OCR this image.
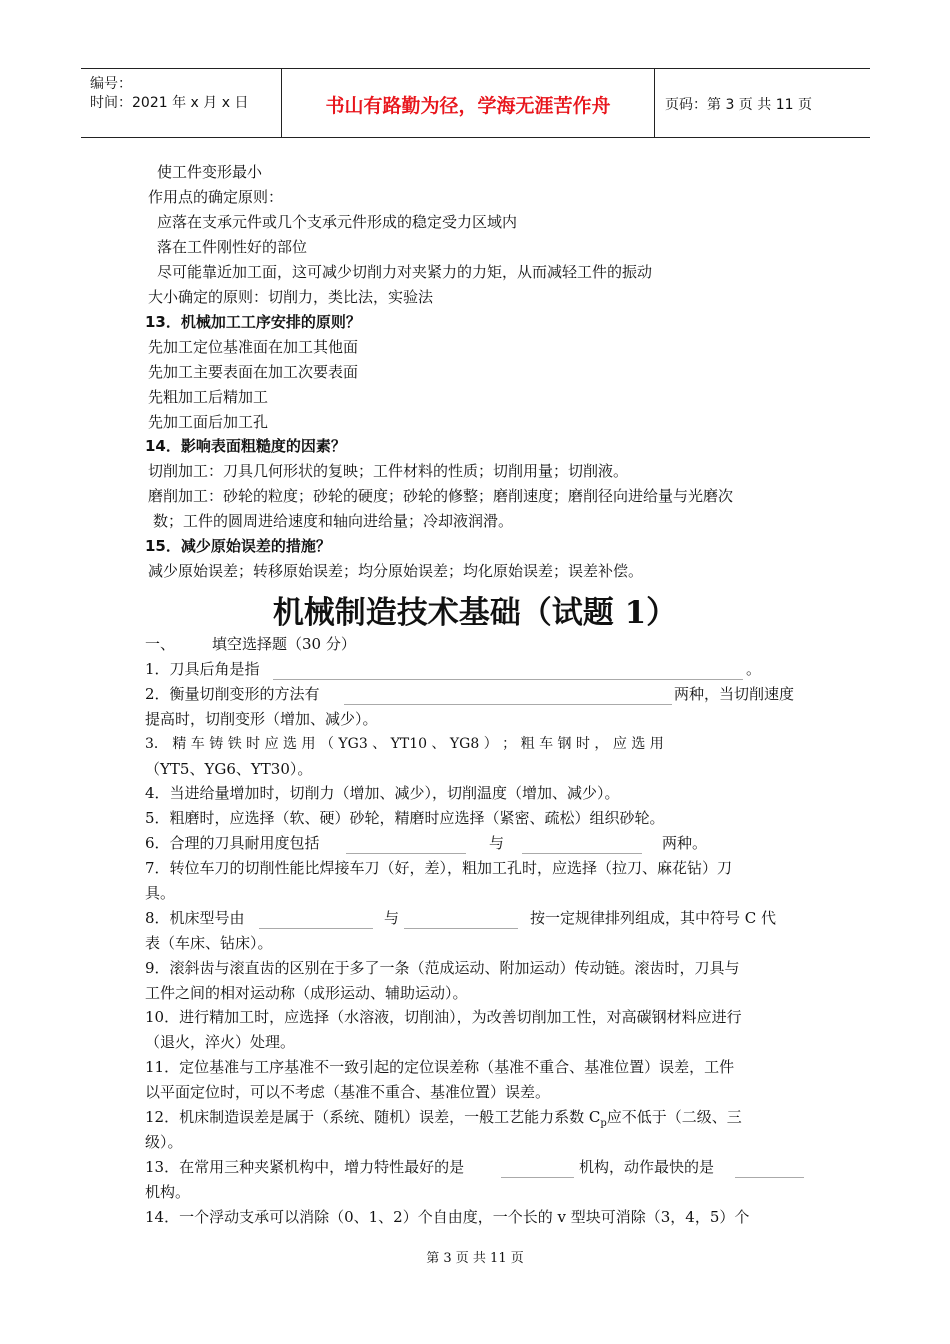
编号：
时间：2021 年 x 月 x 日	书山有路勤为径，学海无涯苦作舟	页码：第 3 页 共 11 页
使工件变形最小
作用点的确定原则：
应落在支承元件或几个支承元件形成的稳定受力区域内
落在工件刚性好的部位
尽可能靠近加工面，这可减少切削力对夹紧力的力矩，从而减轻工件的振动
大小确定的原则：切削力，类比法，实验法
13．机械加工工序安排的原则？
先加工定位基准面在加工其他面
先加工主要表面在加工次要表面
先粗加工后精加工
先加工面后加工孔
14．影响表面粗糙度的因素？
切削加工：刀具几何形状的复映；工件材料的性质；切削用量；切削液。
磨削加工：砂轮的粒度；砂轮的硬度；砂轮的修整；磨削速度；磨削径向进给量与光磨次
数；工件的圆周进给速度和轴向进给量；冷却液润滑。
15．减少原始误差的措施？
减少原始误差；转移原始误差；均分原始误差；均化原始误差；误差补偿。
机械制造技术基础（试题 1）
一、 填空选择题（30 分）
1．刀具后角是指	。
2．衡量切削变形的方法有	两种，当切削速度
提高时，切削变形（增加、减少）。
3． 精 车 铸 铁 时 应 选 用 （ YG3 、 YT10 、 YG8 ） ； 粗 车 钢 时 ， 应 选 用
（YT5、YG6、YT30）。
4．当进给量增加时，切削力（增加、减少），切削温度（增加、减少）。
5．粗磨时，应选择（软、硬）砂轮，精磨时应选择（紧密、疏松）组织砂轮。
6．合理的刀具耐用度包括	与	两种。
7．转位车刀的切削性能比焊接车刀（好，差），粗加工孔时，应选择（拉刀、麻花钻）刀
具。
8．机床型号由	与	按一定规律排列组成，其中符号 C 代
表（车床、钻床）。
9．滚斜齿与滚直齿的区别在于多了一条（范成运动、附加运动）传动链。滚齿时，刀具与
工件之间的相对运动称（成形运动、辅助运动）。
10．进行精加工时，应选择（水溶液，切削油），为改善切削加工性，对高碳钢材料应进行
（退火，淬火）处理。
11．定位基准与工序基准不一致引起的定位误差称（基准不重合、基准位置）误差，工件
以平面定位时，可以不考虑（基准不重合、基准位置）误差。
12．机床制造误差是属于（系统、随机）误差，一般工艺能力系数 $C_p$应不低于（二级、三
级）。
13．在常用三种夹紧机构中，增力特性最好的是	机构，动作最快的是
机构。
14．一个浮动支承可以消除（0、1、2）个自由度，一个长的 v 型块可消除（3，4，5）个
第 3 页 共 11 页
